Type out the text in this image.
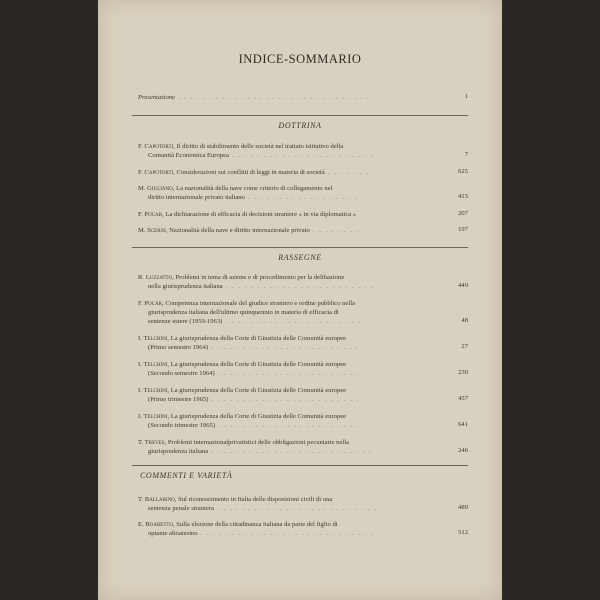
INDICE-SOMMARIO
Presentazione . . . . . . . . . . . . . . . . . . . . . . . . . . . . . . .	1
DOTTRINA
F. Capotorti, Il diritto di stabilimento delle società nel trattato istitutivo della
Comunità Economica Europea . . . . . . . . . . . . . . . . . . . . . . .	7
F. Capotorti, Considerazioni sui conflitti di leggi in materia di società . . . . . . .	625
M. Giuliano, La nazionalità della nave come criterio di collegamento nel
diritto internazionale privato italiano . . . . . . . . . . . . . . . . . .	415
F. Pocar, La dichiarazione di efficacia di decisioni straniere « in via diplomatica »	207
M. Scerni, Nazionalità della nave e diritto internazionale privato . . . . . . . .	197
RASSEGNE
R. Luzzatto, Problemi in tema di azione e di procedimento per la delibazione
nella giurisprudenza italiana . . . . . . . . . . . . . . . . . . . . . . . .	449
F. Pocar, Competenza internazionale del giudice straniero e ordine pubblico nella
giurisprudenza italiana dell'ultimo quinquennio in materia di efficacia di
sentenze estere (1959-1963) . . . . . . . . . . . . . . . . . . . . . .	48
I. Telchini, La giurisprudenza della Corte di Giustizia delle Comunità europee
(Primo semestre 1964) . . . . . . . . . . . . . . . . . . . . . . . .	27
I. Telchini, La giurisprudenza della Corte di Giustizia delle Comunità europee
(Secondo semestre 1964) . . . . . . . . . . . . . . . . . . . . . . .	230
I. Telchini, La giurisprudenza della Corte di Giustizia delle Comunità europee
(Primo trimestre 1965) . . . . . . . . . . . . . . . . . . . . . . . .	457
I. Telchini, La giurisprudenza della Corte di Giustizia delle Comunità europee
(Secondo trimestre 1965) . . . . . . . . . . . . . . . . . . . . . . .	641
T. Treves, Problemi internazionalprivatistici delle obbligazioni pecuniarie nella
giurisprudenza italiana . . . . . . . . . . . . . . . . . . . . . . . . . .	246
COMMENTI E VARIETÀ
T. Ballarino, Sul riconoscimento in Italia delle disposizioni civili di una
sentenza penale straniera . . . . . . . . . . . . . . . . . . . . . . . . . .	489
E. Boaretto, Sulla elezione della cittadinanza italiana da parte del figlio di
optante altoatesino . . . . . . . . . . . . . . . . . . . . . . . . . . . .	512
